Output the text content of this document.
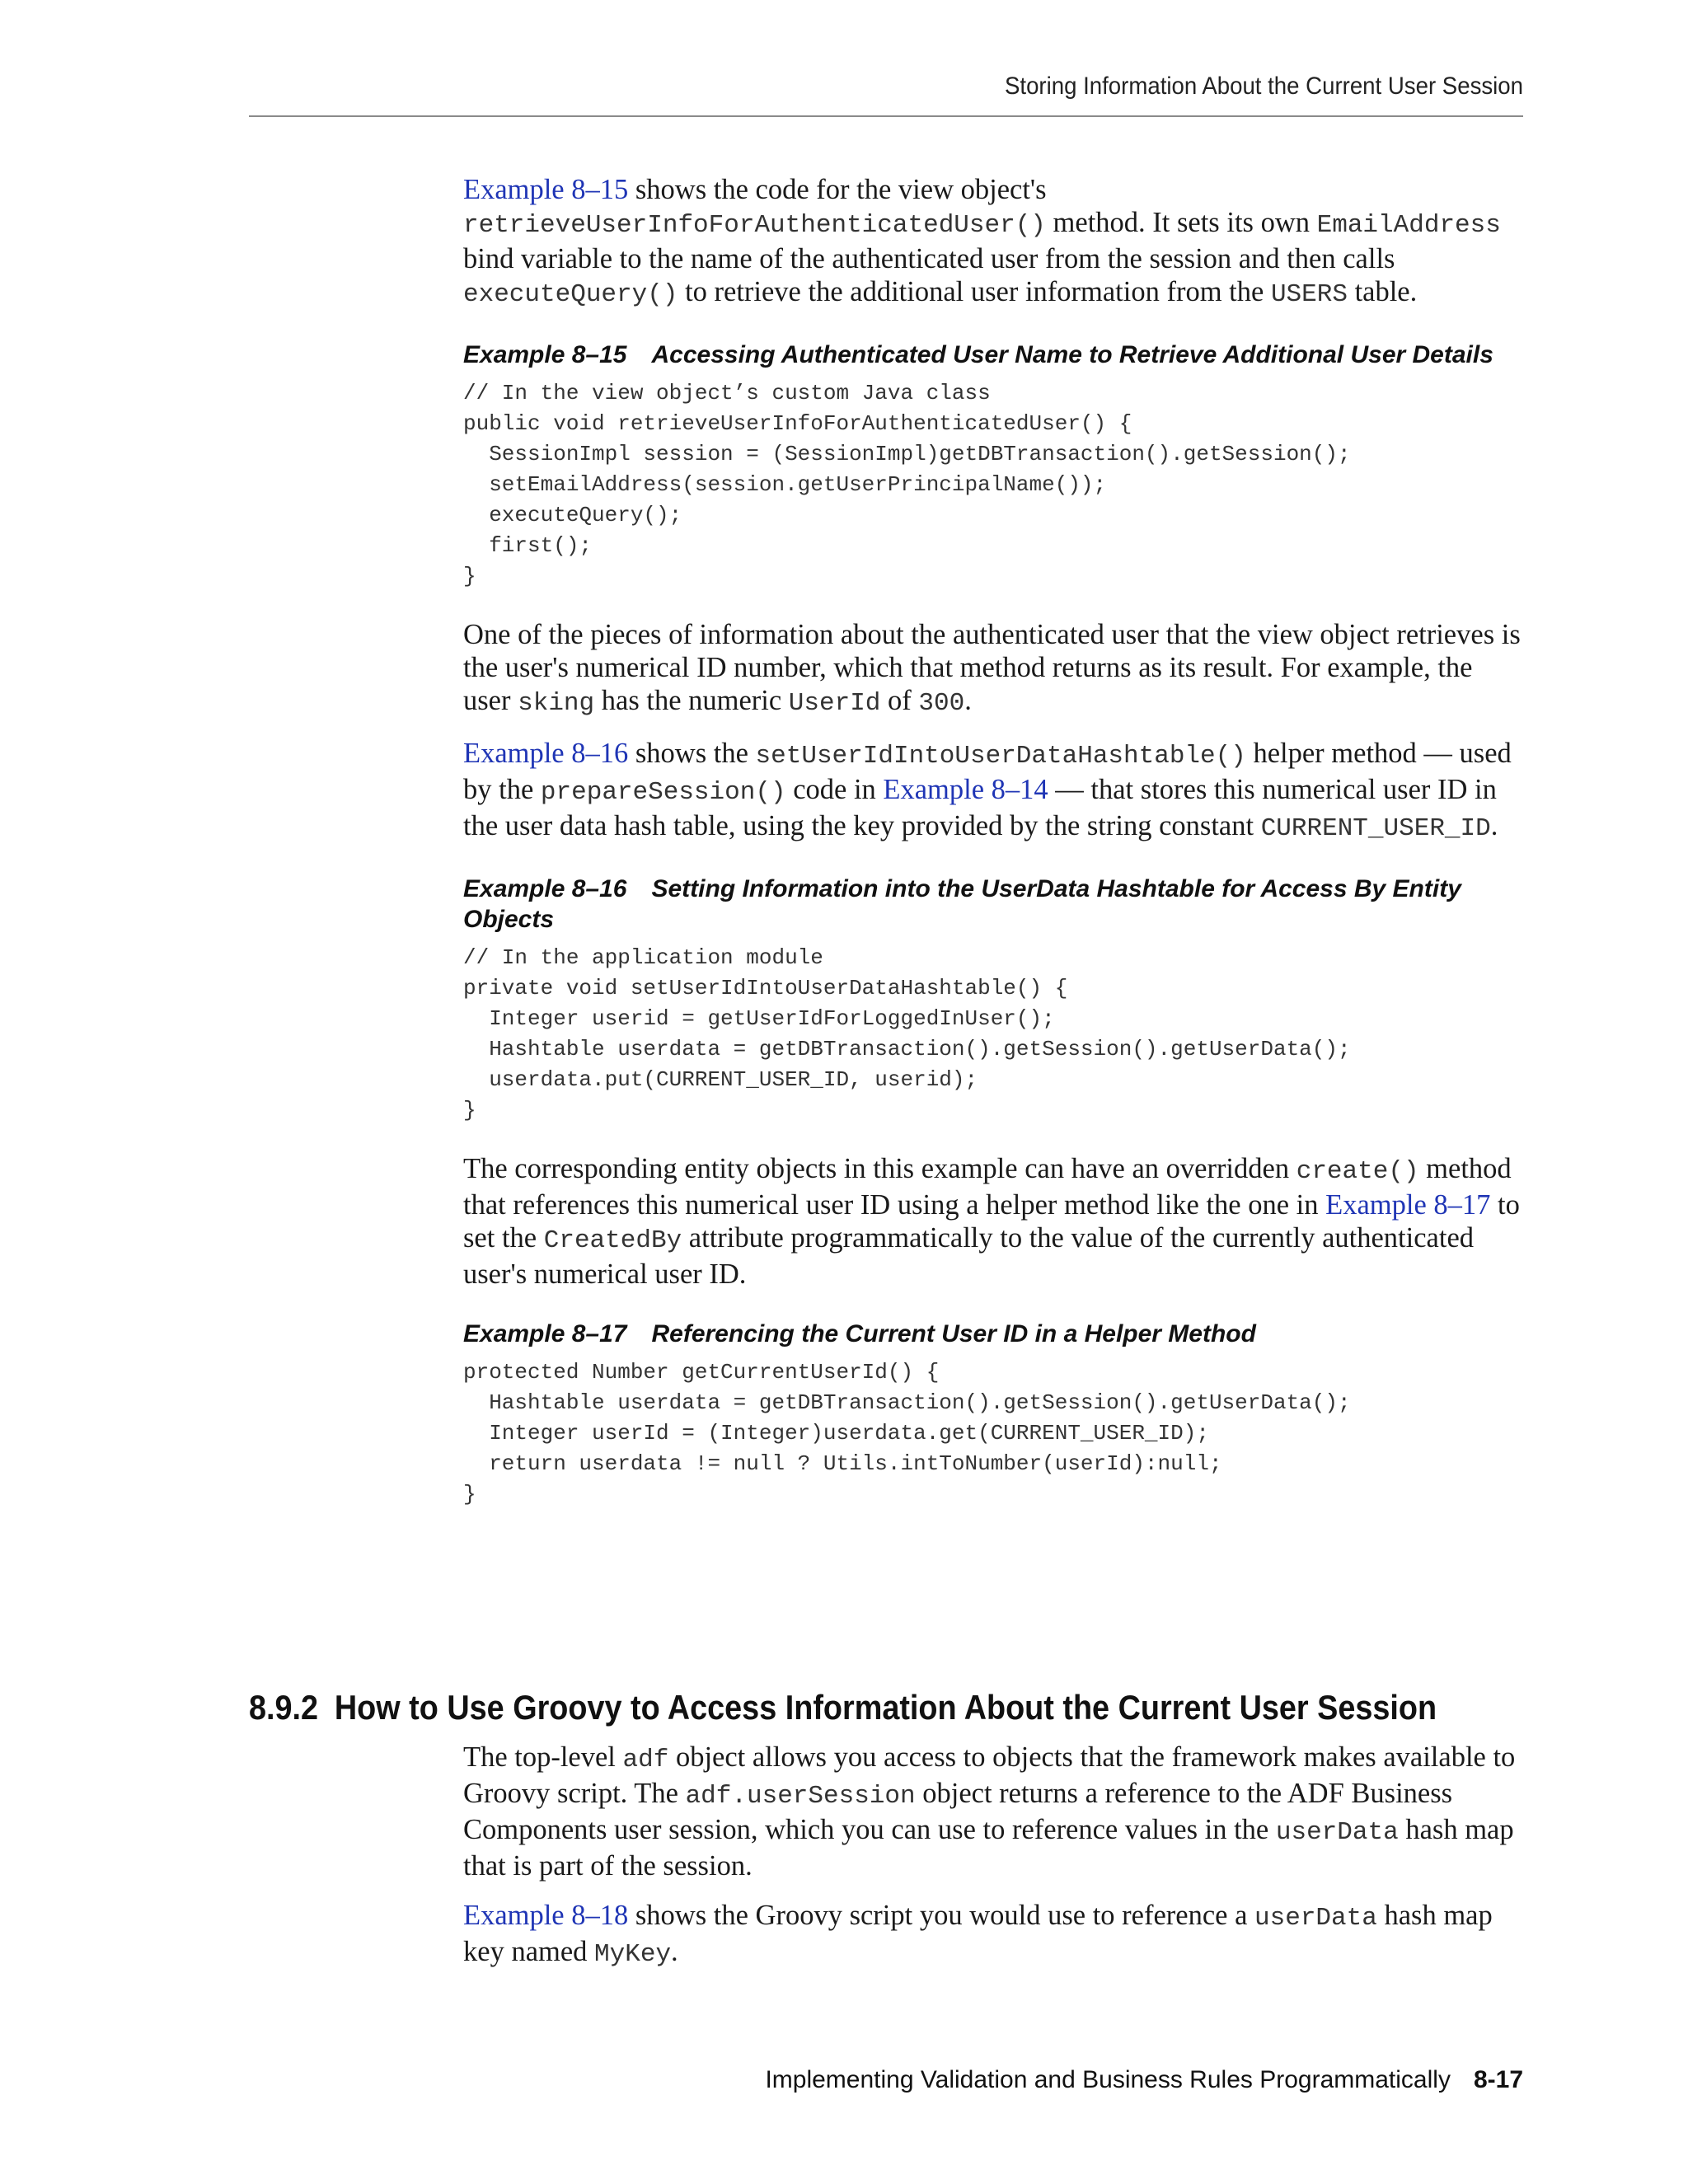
Storing Information About the Current User Session

Example 8–15 shows the code for the view object's retrieveUserInfoForAuthenticatedUser() method. It sets its own EmailAddress bind variable to the name of the authenticated user from the session and then calls executeQuery() to retrieve the additional user information from the USERS table.

Example 8–15 Accessing Authenticated User Name to Retrieve Additional User Details
// In the view object’s custom Java class
public void retrieveUserInfoForAuthenticatedUser() {
SessionImpl session = (SessionImpl)getDBTransaction().getSession();
setEmailAddress(session.getUserPrincipalName());
executeQuery();
first();
}

One of the pieces of information about the authenticated user that the view object retrieves is the user's numerical ID number, which that method returns as its result. For example, the user sking has the numeric UserId of 300.

Example 8–16 shows the setUserIdIntoUserDataHashtable() helper method — used by the prepareSession() code in Example 8–14 — that stores this numerical user ID in the user data hash table, using the key provided by the string constant CURRENT_USER_ID.

Example 8–16 Setting Information into the UserData Hashtable for Access By Entity Objects
// In the application module
private void setUserIdIntoUserDataHashtable() {
Integer userid = getUserIdForLoggedInUser();
Hashtable userdata = getDBTransaction().getSession().getUserData();
userdata.put(CURRENT_USER_ID, userid);
}

The corresponding entity objects in this example can have an overridden create() method that references this numerical user ID using a helper method like the one in Example 8–17 to set the CreatedBy attribute programmatically to the value of the currently authenticated user's numerical user ID.

Example 8–17 Referencing the Current User ID in a Helper Method
protected Number getCurrentUserId() {
Hashtable userdata = getDBTransaction().getSession().getUserData();
Integer userId = (Integer)userdata.get(CURRENT_USER_ID);
return userdata != null ? Utils.intToNumber(userId):null;
}
8.9.2 How to Use Groovy to Access Information About the Current User Session

The top-level adf object allows you access to objects that the framework makes available to Groovy script. The adf.userSession object returns a reference to the ADF Business Components user session, which you can use to reference values in the userData hash map that is part of the session.

Example 8–18 shows the Groovy script you would use to reference a userData hash map key named MyKey.

Implementing Validation and Business Rules Programmatically 8-17
